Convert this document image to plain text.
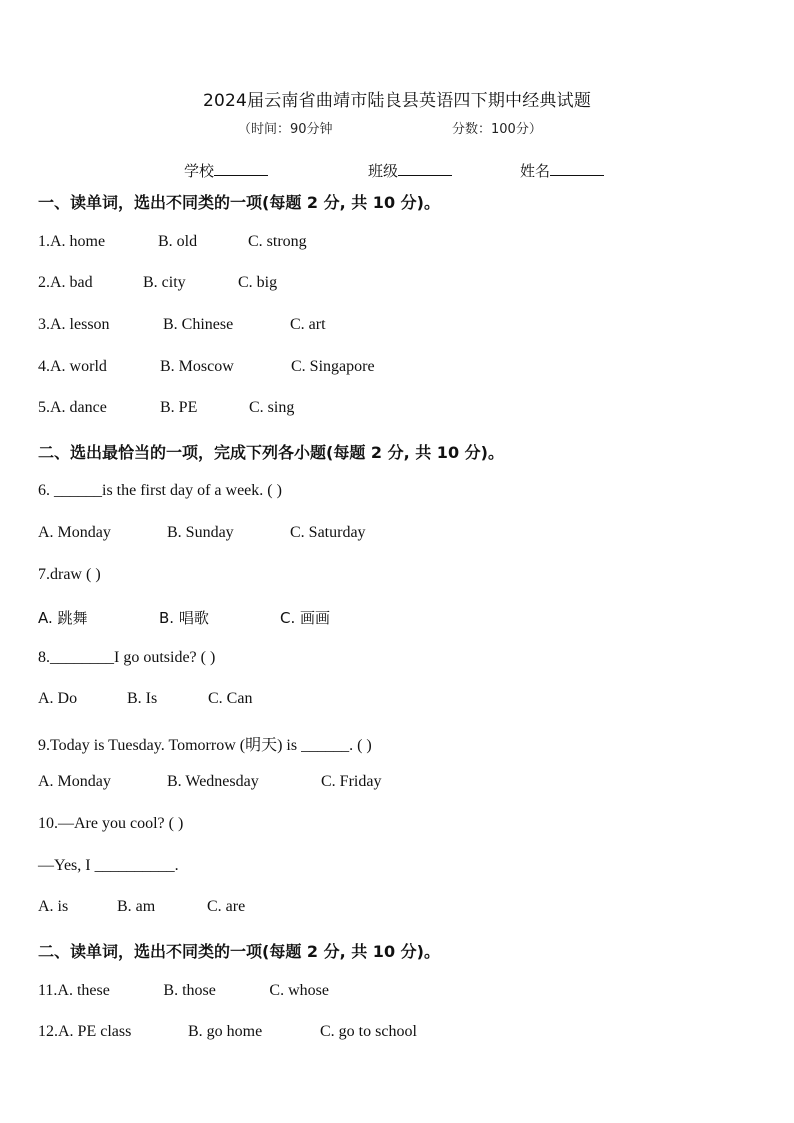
2024届云南省曲靖市陆良县英语四下期中经典试题
（时间：90分钟	分数：100分）
学校	班级	姓名
一、读单词，选出不同类的一项(每题 2 分, 共 10 分)。
1.A. home	B. old	C. strong
2.A. bad	B. city	C. big
3.A. lesson	B. Chinese	C. art
4.A. world	B. Moscow	C. Singapore
5.A. dance	B. PE	C. sing
二、选出最恰当的一项，完成下列各小题(每题 2 分, 共 10 分)。
6. ______is the first day of a week. ( )
A. Monday	B. Sunday	C. Saturday
7.draw ( )
A. 跳舞	B. 唱歌	C. 画画
8.________I go outside? ( )
A. Do	B. Is	C. Can
9.Today is Tuesday. Tomorrow (明天) is ______. ( )
A. Monday	B. Wednesday	C. Friday
10.—Are you cool? ( )
—Yes, I __________.
A. is	B. am	C. are
二、读单词，选出不同类的一项(每题 2 分, 共 10 分)。
11.A. these	B. those	C. whose
12.A. PE class	B. go home	C. go to school
